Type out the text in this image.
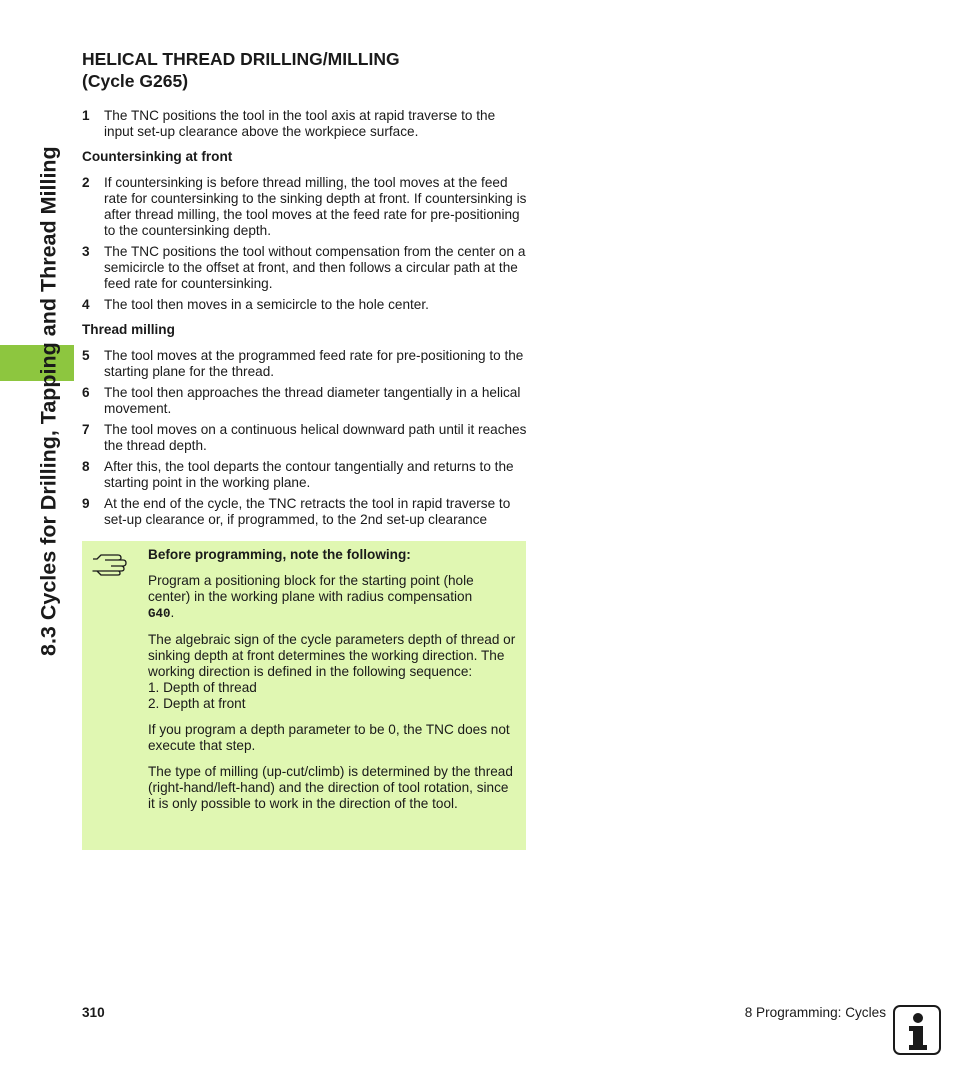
8.3 Cycles for Drilling, Tapping and Thread Milling
HELICAL THREAD DRILLING/MILLING
(Cycle G265)
1	The TNC positions the tool in the tool axis at rapid traverse to the input set-up clearance above the workpiece surface.
Countersinking at front
2	If countersinking is before thread milling, the tool moves at the feed rate for countersinking to the sinking depth at front. If countersinking is after thread milling, the tool moves at the feed rate for pre-positioning to the countersinking depth.
3	The TNC positions the tool without compensation from the center on a semicircle to the offset at front, and then follows a circular path at the feed rate for countersinking.
4	The tool then moves in a semicircle to the hole center.
Thread milling
5	The tool moves at the programmed feed rate for pre-positioning to the starting plane for the thread.
6	The tool then approaches the thread diameter tangentially in a helical movement.
7	The tool moves on a continuous helical downward path until it reaches the thread depth.
8	After this, the tool departs the contour tangentially and returns to the starting point in the working plane.
9	At the end of the cycle, the TNC retracts the tool in rapid traverse to set-up clearance or, if programmed, to the 2nd set-up clearance

Before programming, note the following:

Program a positioning block for the starting point (hole center) in the working plane with radius compensation
G40.

The algebraic sign of the cycle parameters depth of thread or sinking depth at front determines the working direction. The working direction is defined in the following sequence:
1. Depth of thread
2. Depth at front

If you program a depth parameter to be 0, the TNC does not execute that step.

The type of milling (up-cut/climb) is determined by the thread (right-hand/left-hand) and the direction of tool rotation, since it is only possible to work in the direction of the tool.

310	8 Programming: Cycles
